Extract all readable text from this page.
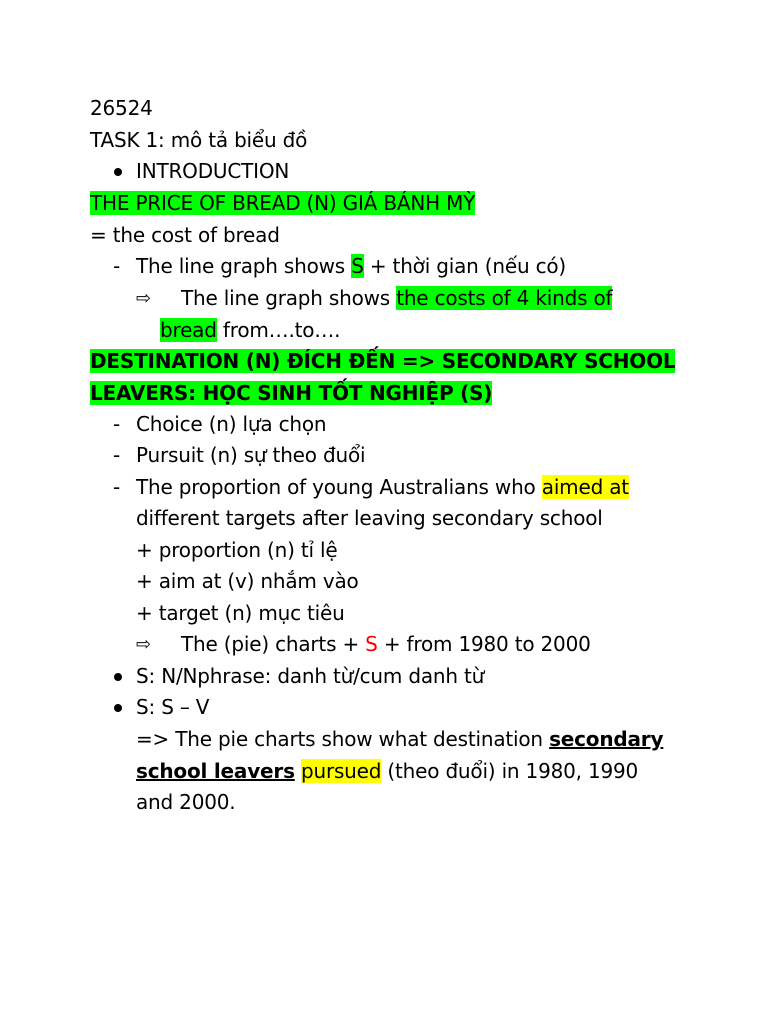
26524
TASK 1: mô tả biểu đồ
INTRODUCTION
THE PRICE OF BREAD (N) GIÁ BÁNH MỲ
= the cost of bread
- The line graph shows S + thời gian (nếu có)
⇨ The line graph shows the costs of 4 kinds of
bread from….to….
DESTINATION (N) ĐÍCH ĐẾN => SECONDARY SCHOOL
LEAVERS: HỌC SINH TỐT NGHIỆP (S)
- Choice (n) lựa chọn
- Pursuit (n) sự theo đuổi
- The proportion of young Australians who aimed at
different targets after leaving secondary school
+ proportion (n) tỉ lệ
+ aim at (v) nhắm vào
+ target (n) mục tiêu
⇨ The (pie) charts + S + from 1980 to 2000
S: N/Nphrase: danh từ/cum danh từ
S: S – V
=> The pie charts show what destination secondary
school leavers pursued (theo đuổi) in 1980, 1990
and 2000.
